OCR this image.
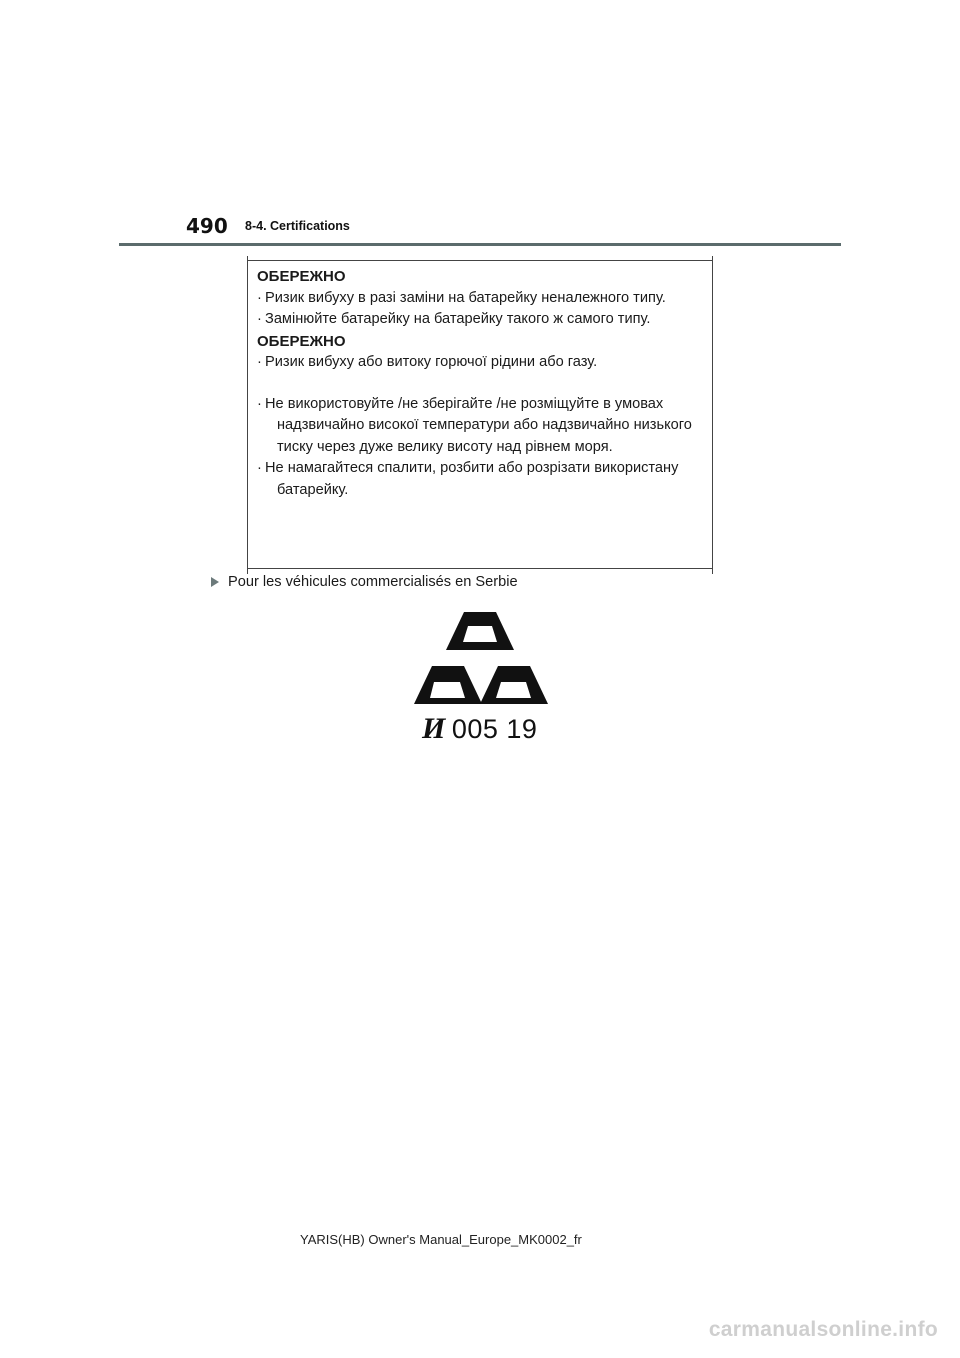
490 8-4. Certifications
ОБЕРЕЖНО
· Ризик вибуху в разі заміни на батарейку неналежного типу.
· Замінюйте батарейку на батарейку такого ж самого типу.
ОБЕРЕЖНО
· Ризик вибуху або витоку горючої рідини або газу.
· Не використовуйте /не зберігайте /не розміщуйте в умовах
надзвичайно високої температури або надзвичайно низького
тиску через дуже велику висоту над рівнем моря.
· Не намагайтеся спалити, розбити або розрізати використану
батарейку.
Pour les véhicules commercialisés en Serbie
И 005 19
YARIS(HB) Owner's Manual_Europe_MK0002_fr
carmanualsonline.info
